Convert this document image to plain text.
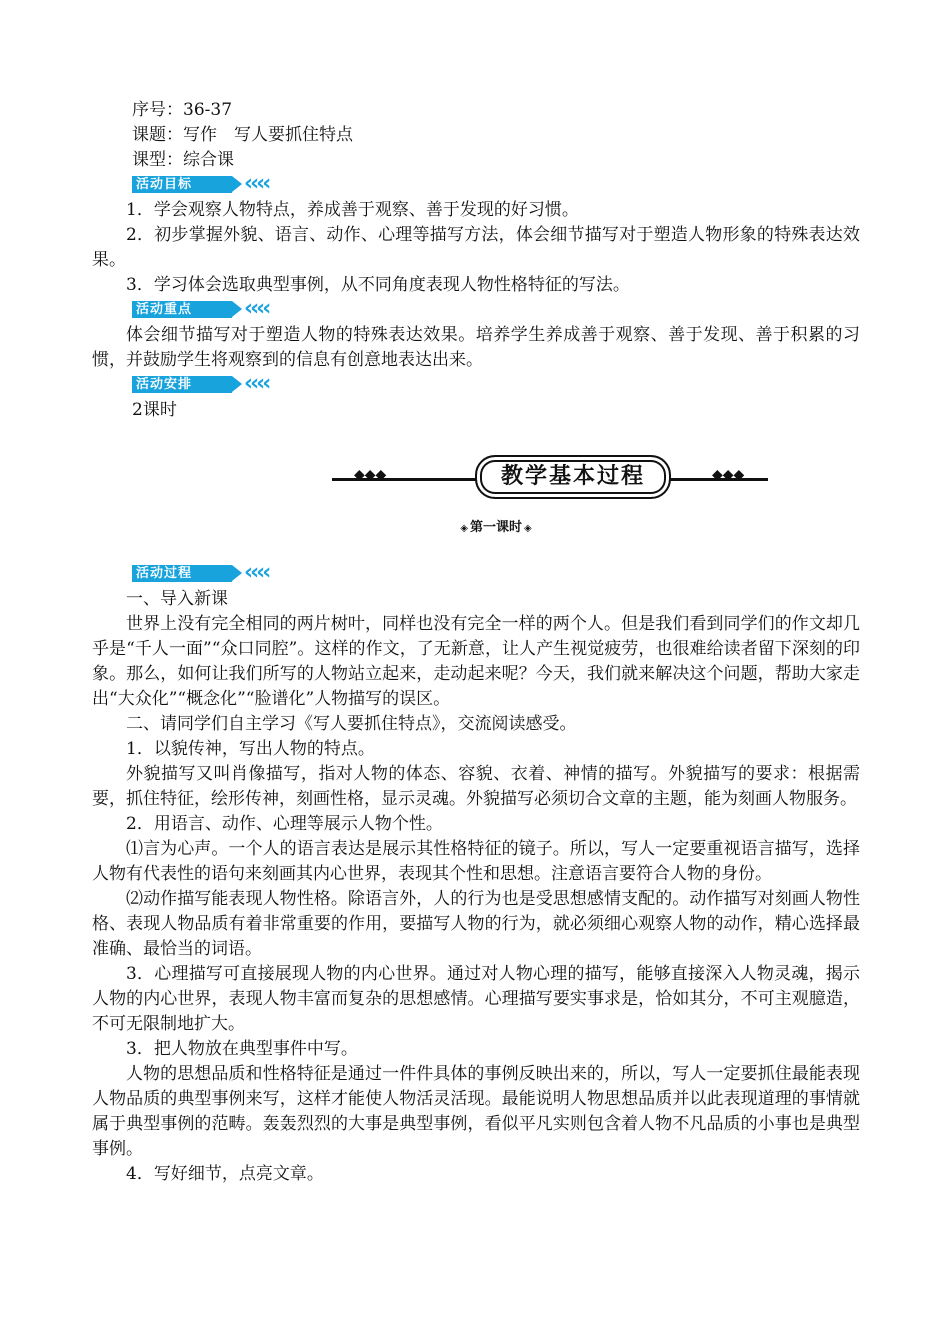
序号：36-37

课题：写作　写人要抓住特点

课型：综合课

活动目标	‹‹‹‹

1．学会观察人物特点，养成善于观察、善于发现的好习惯。

2．初步掌握外貌、语言、动作、心理等描写方法，体会细节描写对于塑造人物形象的特殊表达效果。

3．学习体会选取典型事例，从不同角度表现人物性格特征的写法。

活动重点	‹‹‹‹

体会细节描写对于塑造人物的特殊表达效果。培养学生养成善于观察、善于发现、善于积累的习惯，并鼓励学生将观察到的信息有创意地表达出来。

活动安排	‹‹‹‹

2课时

◆◆◆	◆◆◆
教学基本过程
◈ 第一课时 ◈
活动过程	‹‹‹‹

一、导入新课

世界上没有完全相同的两片树叶，同样也没有完全一样的两个人。但是我们看到同学们的作文却几乎是“千人一面”“众口同腔”。这样的作文，了无新意，让人产生视觉疲劳，也很难给读者留下深刻的印象。那么，如何让我们所写的人物站立起来，走动起来呢？今天，我们就来解决这个问题，帮助大家走出“大众化”“概念化”“脸谱化”人物描写的误区。

二、请同学们自主学习《写人要抓住特点》，交流阅读感受。

1．以貌传神，写出人物的特点。

外貌描写又叫肖像描写，指对人物的体态、容貌、衣着、神情的描写。外貌描写的要求：根据需要，抓住特征，绘形传神，刻画性格，显示灵魂。外貌描写必须切合文章的主题，能为刻画人物服务。

2．用语言、动作、心理等展示人物个性。

⑴言为心声。一个人的语言表达是展示其性格特征的镜子。所以，写人一定要重视语言描写，选择人物有代表性的语句来刻画其内心世界，表现其个性和思想。注意语言要符合人物的身份。

⑵动作描写能表现人物性格。除语言外，人的行为也是受思想感情支配的。动作描写对刻画人物性格、表现人物品质有着非常重要的作用，要描写人物的行为，就必须细心观察人物的动作，精心选择最准确、最恰当的词语。

3．心理描写可直接展现人物的内心世界。通过对人物心理的描写，能够直接深入人物灵魂，揭示人物的内心世界，表现人物丰富而复杂的思想感情。心理描写要实事求是，恰如其分，不可主观臆造，不可无限制地扩大。

3．把人物放在典型事件中写。

人物的思想品质和性格特征是通过一件件具体的事例反映出来的，所以，写人一定要抓住最能表现人物品质的典型事例来写，这样才能使人物活灵活现。最能说明人物思想品质并以此表现道理的事情就属于典型事例的范畴。轰轰烈烈的大事是典型事例，看似平凡实则包含着人物不凡品质的小事也是典型事例。

4．写好细节，点亮文章。
